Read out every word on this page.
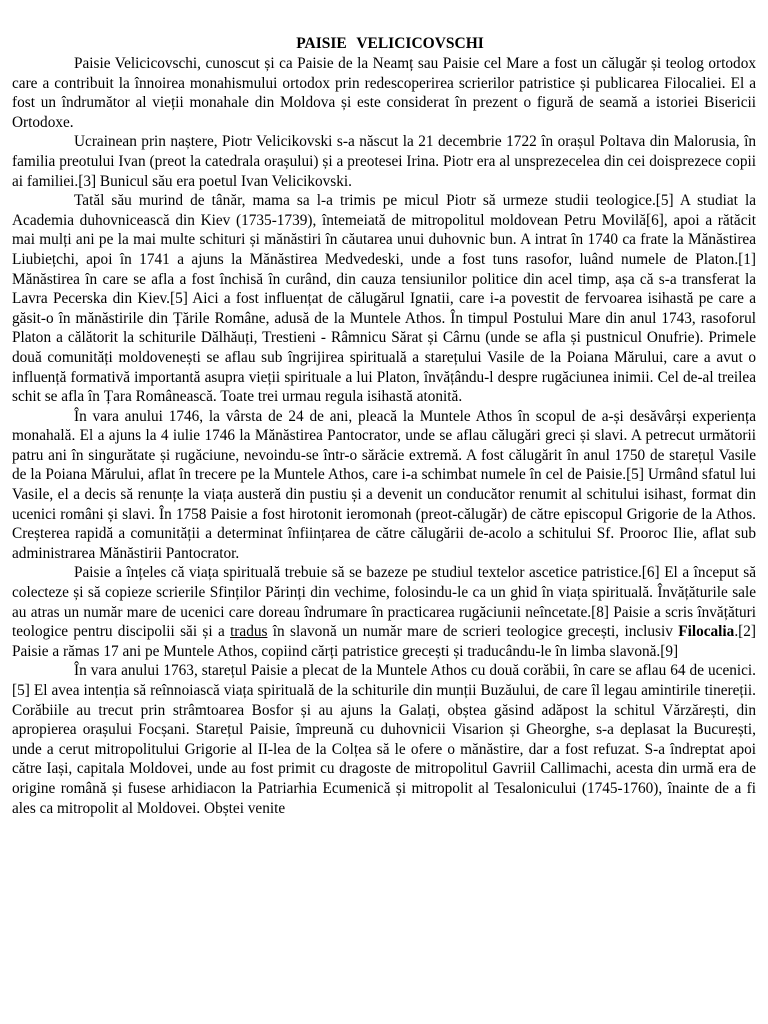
PAISIE VELICICOVSCHI

Paisie Velicicovschi, cunoscut și ca Paisie de la Neamț sau Paisie cel Mare a fost un călugăr și teolog ortodox care a contribuit la înnoirea monahismului ortodox prin redescoperirea scrierilor patristice și publicarea Filocaliei. El a fost un îndrumător al vieții monahale din Moldova și este considerat în prezent o figură de seamă a istoriei Bisericii Ortodoxe.

Ucrainean prin naștere, Piotr Velicikovski s-a născut la 21 decembrie 1722 în orașul Poltava din Malorusia, în familia preotului Ivan (preot la catedrala orașului) și a preotesei Irina. Piotr era al unsprezecelea din cei doisprezece copii ai familiei.[3] Bunicul său era poetul Ivan Velicikovski.

Tatăl său murind de tânăr, mama sa l-a trimis pe micul Piotr să urmeze studii teologice.[5] A studiat la Academia duhovnicească din Kiev (1735-1739), întemeiată de mitropolitul moldovean Petru Movilă[6], apoi a rătăcit mai mulți ani pe la mai multe schituri și mănăstiri în căutarea unui duhovnic bun. A intrat în 1740 ca frate la Mănăstirea Liubiețchi, apoi în 1741 a ajuns la Mănăstirea Medvedeski, unde a fost tuns rasofor, luând numele de Platon.[1] Mănăstirea în care se afla a fost închisă în curând, din cauza tensiunilor politice din acel timp, așa că s-a transferat la Lavra Pecerska din Kiev.[5] Aici a fost influențat de călugărul Ignatii, care i-a povestit de fervoarea isihastă pe care a găsit-o în mănăstirile din Țările Române, adusă de la Muntele Athos. În timpul Postului Mare din anul 1743, rasoforul Platon a călătorit la schiturile Dălhăuți, Trestieni - Râmnicu Sărat și Cârnu (unde se afla și pustnicul Onufrie). Primele două comunități moldovenești se aflau sub îngrijirea spirituală a starețului Vasile de la Poiana Mărului, care a avut o influență formativă importantă asupra vieții spirituale a lui Platon, învățându-l despre rugăciunea inimii. Cel de-al treilea schit se afla în Țara Românească. Toate trei urmau regula isihastă atonită.

În vara anului 1746, la vârsta de 24 de ani, pleacă la Muntele Athos în scopul de a-și desăvârși experiența monahală. El a ajuns la 4 iulie 1746 la Mănăstirea Pantocrator, unde se aflau călugări greci și slavi. A petrecut următorii patru ani în singurătate și rugăciune, nevoindu-se într-o sărăcie extremă. A fost călugărit în anul 1750 de starețul Vasile de la Poiana Mărului, aflat în trecere pe la Muntele Athos, care i-a schimbat numele în cel de Paisie.[5] Urmând sfatul lui Vasile, el a decis să renunțe la viața austeră din pustiu și a devenit un conducător renumit al schitului isihast, format din ucenici români și slavi. În 1758 Paisie a fost hirotonit ieromonah (preot-călugăr) de către episcopul Grigorie de la Athos. Creșterea rapidă a comunității a determinat înființarea de către călugării de-acolo a schitului Sf. Prooroc Ilie, aflat sub administrarea Mănăstirii Pantocrator.

Paisie a înțeles că viața spirituală trebuie să se bazeze pe studiul textelor ascetice patristice.[6] El a început să colecteze și să copieze scrierile Sfinților Părinți din vechime, folosindu-le ca un ghid în viața spirituală. Învățăturile sale au atras un număr mare de ucenici care doreau îndrumare în practicarea rugăciunii neîncetate.[8] Paisie a scris învățături teologice pentru discipolii săi și a tradus în slavonă un număr mare de scrieri teologice grecești, inclusiv Filocalia.[2] Paisie a rămas 17 ani pe Muntele Athos, copiind cărți patristice grecești și traducându-le în limba slavonă.[9]

În vara anului 1763, starețul Paisie a plecat de la Muntele Athos cu două corăbii, în care se aflau 64 de ucenici.[5] El avea intenția să reînnoiască viața spirituală de la schiturile din munții Buzăului, de care îl legau amintirile tinereții. Corăbiile au trecut prin strâmtoarea Bosfor și au ajuns la Galați, obștea găsind adăpost la schitul Vărzărești, din apropierea orașului Focșani. Starețul Paisie, împreună cu duhovnicii Visarion și Gheorghe, s-a deplasat la București, unde a cerut mitropolitului Grigorie al II-lea de la Colțea să le ofere o mănăstire, dar a fost refuzat. S-a îndreptat apoi către Iași, capitala Moldovei, unde au fost primit cu dragoste de mitropolitul Gavriil Callimachi, acesta din urmă era de origine română și fusese arhidiacon la Patriarhia Ecumenică și mitropolit al Tesalonicului (1745-1760), înainte de a fi ales ca mitropolit al Moldovei. Obștei venite
